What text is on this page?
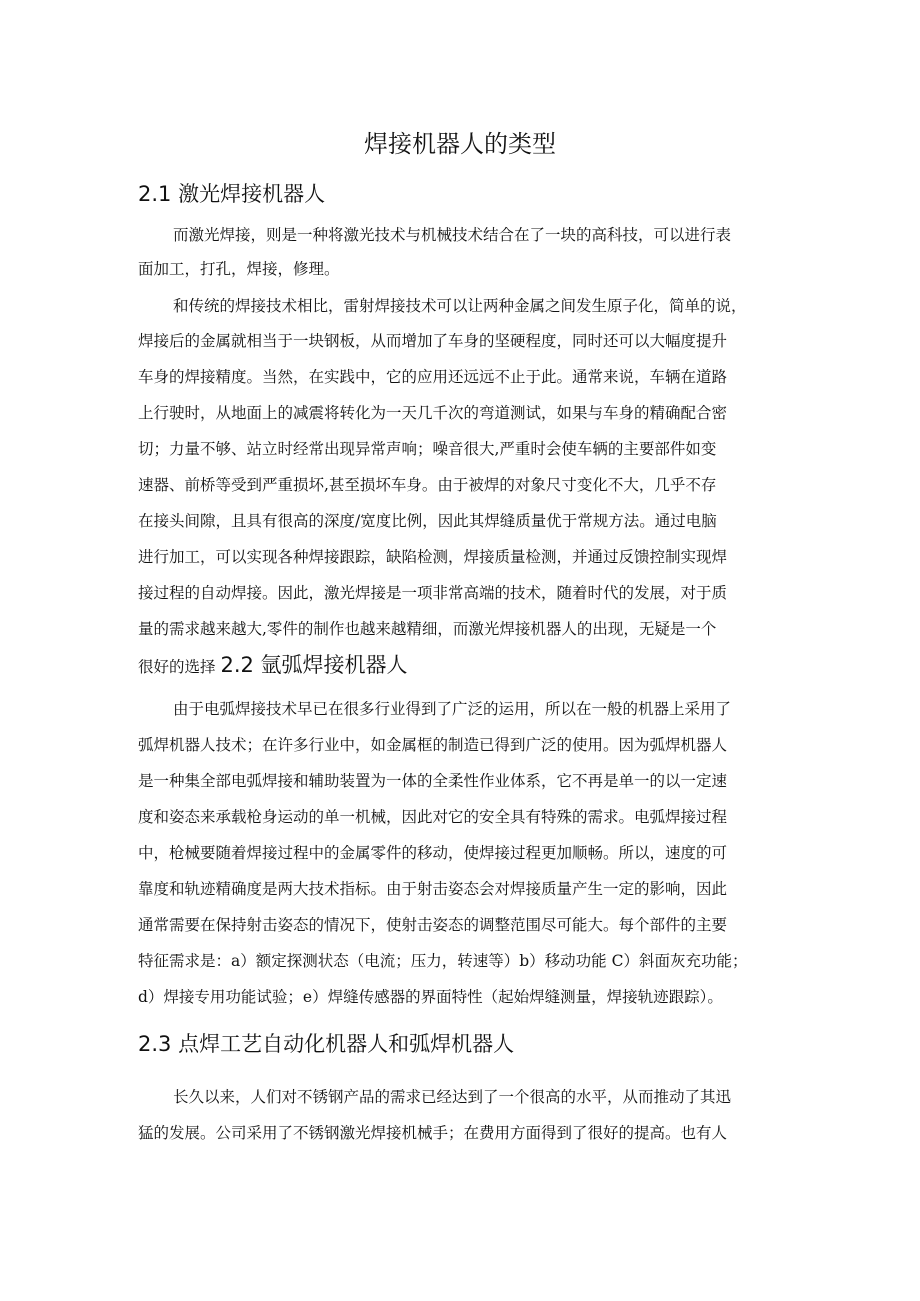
焊接机器人的类型
2.1 激光焊接机器人

而激光焊接，则是一种将激光技术与机械技术结合在了一块的高科技，可以进行表

面加工，打孔，焊接，修理。

和传统的焊接技术相比，雷射焊接技术可以让两种金属之间发生原子化，简单的说，

焊接后的金属就相当于一块钢板，从而增加了车身的坚硬程度，同时还可以大幅度提升

车身的焊接精度。当然，在实践中，它的应用还远远不止于此。通常来说，车辆在道路

上行驶时，从地面上的减震将转化为一天几千次的弯道测试，如果与车身的精确配合密

切；力量不够、站立时经常出现异常声响；噪音很大,严重时会使车辆的主要部件如变

速器、前桥等受到严重损坏,甚至损坏车身。由于被焊的对象尺寸变化不大，几乎不存

在接头间隙，且具有很高的深度/宽度比例，因此其焊缝质量优于常规方法。通过电脑

进行加工，可以实现各种焊接跟踪，缺陷检测，焊接质量检测，并通过反馈控制实现焊

接过程的自动焊接。因此，激光焊接是一项非常高端的技术，随着时代的发展，对于质

量的需求越来越大,零件的制作也越来越精细，而激光焊接机器人的出现，无疑是一个

很好的选择 2.2 氩弧焊接机器人

由于电弧焊接技术早已在很多行业得到了广泛的运用，所以在一般的机器上采用了

弧焊机器人技术；在许多行业中，如金属框的制造已得到广泛的使用。因为弧焊机器人

是一种集全部电弧焊接和辅助装置为一体的全柔性作业体系，它不再是单一的以一定速

度和姿态来承载枪身运动的单一机械，因此对它的安全具有特殊的需求。电弧焊接过程

中，枪械要随着焊接过程中的金属零件的移动，使焊接过程更加顺畅。所以，速度的可

靠度和轨迹精确度是两大技术指标。由于射击姿态会对焊接质量产生一定的影响，因此

通常需要在保持射击姿态的情况下，使射击姿态的调整范围尽可能大。每个部件的主要

特征需求是：a）额定探测状态（电流；压力，转速等）b）移动功能 C）斜面灰充功能；

d）焊接专用功能试验；e）焊缝传感器的界面特性（起始焊缝测量，焊接轨迹跟踪）。

2.3 点焊工艺自动化机器人和弧焊机器人

长久以来，人们对不锈钢产品的需求已经达到了一个很高的水平，从而推动了其迅

猛的发展。公司采用了不锈钢激光焊接机械手；在费用方面得到了很好的提高。也有人
